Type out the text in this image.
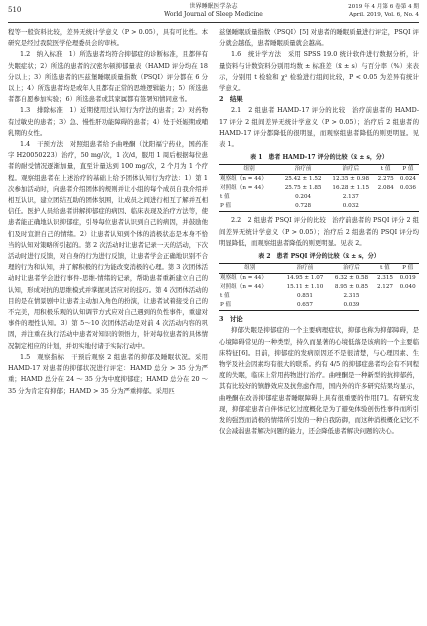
510	世界睡眠医学杂志
World Journal of Sleep Medicine
2019 年 4 月第 6 卷第 4 期
April. 2019, Vol. 6, No. 4

程等一般资料比较，差异无统计学意义（P > 0.05），具有可比性。本研究是经过我院医学伦理委员会的审核。

1.2　纳入标准　1）所选患者均符合抑郁症的诊断标准，且都伴有失眠症状；2）所选的患者的汉密尔顿抑郁量表（HAMD 评分均在 18 分以上；3）所选患者的匹兹堡睡眠质量指数（PSQI）评分都在 6 分以上；4）所选患者均是或年人且都有正常的思维逻辑能力；5）所选患者都自愿参加实验；6）所选患者或其家属都有签署知情同意书。

1.3　排除标准　1）近期使用过认知行为疗法的患者；2）对药物有过敏史的患者；3）急、慢性肝功能障碍的患者；4）处于妊娠期或哺乳期的女性。

1.4　干预方法　对照组患者给予曲唑酮（沈阳福宁药业，国药准字 H20050223）治疗，50 mg/次，1 次/d，服用 1 周后根据每位患者的耐受情况逐渐加量，直至计量达到 100 mg/次，2 个月为 1 个疗程。观察组患者在上述治疗的基础上给予团体认知行为疗法：1）第 1 次参加活动时，向患者介绍团体的规则并让小组的每个成员自我介绍并相互认识，建立团结互助的团体氛围，让成员之间进行相互了解并互相信任。医护人员给患者讲解抑郁症的病因、临床表现及治疗方法等，使患者能正确地认识抑郁症，引导每位患者认识到自己的病因，并鼓励他们及时宣泄自己的情绪。2）让患者认知到个体的消极状态是本身不恰当的认知对策略所引起的。第 2 次活动时让患者记录一天的活动，下次活动时进行反馈，对自身的行为进行反馈，让患者学会正确地识别不合理的行为和认知，并了解积极的行为能改变消极的心理。第 3 次团体活动时让患者学会进行事件-思维-情绪的记录，帮助患者重新建立自己的认知，形成对抗的思维模式并掌握灵活应对的技巧。第 4 次团体活动的目的是在情景剧中让患者主动加入角色的扮演，让患者试着接受自己的不完美，用积极乐观的认知调节方式应对自己遇到的负性事件，重建对事件的理性认知。3）第 5～10 次团体活动是对前 4 次活动内容的巩固，并注重在执行活动中患者对知识的领悟力，针对每位患者的具体情况制定相应的计划，并切实地付诸于实际行动中。

1.5　观察指标　干预后观察 2 组患者的抑郁及睡眠状况。采用 HAMD-17 对患者的抑郁状况进行评定：HAMD 总分 > 35 分为严重；HAMD 总分在 24 ～ 35 分为中度抑郁症；HAMD 总分在 20 ～ 35 分为肯定有抑郁；HAMD > 35 分为严重抑郁。采用匹

兹堡睡眠质量指数（PSQI）[5] 对患者的睡眠质量进行评定，PSQI 评分就会越低，患者睡眠质量就会越高。

1.6　统计学方法　采用 SPSS 19.0 统计软件进行数据分析，计量资料与计数资料分别用均数 ± 标准差（x̄ ± s）与百分率（%）来表示，分别用 t 检验和 χ² 检验进行组间比较，P < 0.05 为差异有统计学意义。

2　结果

2.1　2 组患者 HAMD-17 评分的比较　治疗前患者的 HAMD-17 评分 2 组间差异无统计学意义（P > 0.05）；治疗后 2 组患者的 HAMD-17 评分都降低的很明显，而观察组患者降低的则更明显。见表 1。

表 1　患者 HAMD-17 评分的比较（x̄ ± s，分）
组别	治疗前	治疗后	t 值	P 值
观察组（n = 44）	25.42 ± 1.52	12.35 ± 0.98	2.275	0.024
对照组（n = 44）	25.75 ± 1.85	16.28 ± 1.15	2.084	0.036
t 值	0.204	2.137		
P 值	0.728	0.032		

2.2　2 组患者 PSQI 评分的比较　治疗前患者的 PSQI 评分 2 组间差异无统计学意义（P > 0.05）；治疗后 2 组患者的 PSQI 评分均明显降低，而观察组患者降低的则更明显。见表 2。

表 2　患者 PSQI 评分的比较（x̄ ± s，分）
组别	治疗前	治疗后	t 值	P 值
观察组（n = 44）	14.95 ± 1.07	6.32 ± 0.58	2.315	0.019
对照组（n = 44）	15.11 ± 1.10	8.95 ± 0.85	2.127	0.040
t 值	0.851	2.315		
P 值	0.657	0.039		

3　讨论

抑郁失眠是抑郁症的一个主要病理症状，抑郁也称为抑郁障碍，是心境障碍常见的一种类型，持久而显著的心境低落是该病的一个主要临床特征[6]。目前，抑郁症的发病原因还不是很清楚，与心理因素、生物学及社会因素均有很大的联系。约有 4/5 的抑郁症患者均会有不同程度的失眠，临床上常用药物进行治疗。曲唑酮是一种新型的抗抑郁药，其有比较好的镇静效应及抗焦虑作用，国内外的许多研究结果均显示，曲唑酮在改善抑郁症患者睡眠障碍上具有很重要的作用[7]。有研究发现，抑郁症患者自伴体记忆过度概化是为了避免体验创伤性事件而所引发的强烈而消极的情绪所引发的一种自我防御，而这种消极概化记忆不仅会减弱患者解决问题的能力，还会降低患者解决问题的决心。
